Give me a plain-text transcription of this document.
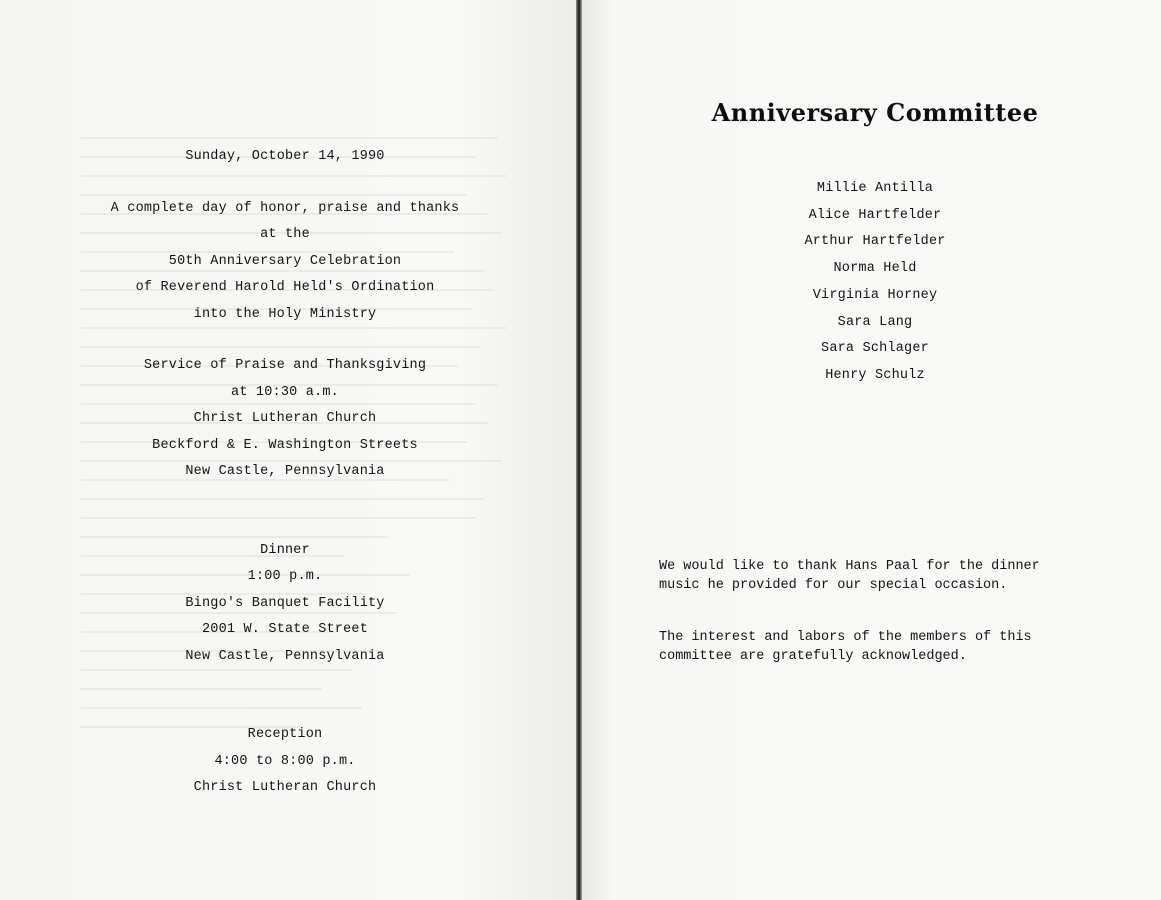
Sunday, October 14, 1990
A complete day of honor, praise and thanks
at the
50th Anniversary Celebration
of Reverend Harold Held's Ordination
into the Holy Ministry
Service of Praise and Thanksgiving
at 10:30 a.m.
Christ Lutheran Church
Beckford & E. Washington Streets
New Castle, Pennsylvania
Dinner
1:00 p.m.
Bingo's Banquet Facility
2001 W. State Street
New Castle, Pennsylvania
Reception
4:00 to 8:00 p.m.
Christ Lutheran Church
Anniversary Committee
Millie Antilla
Alice Hartfelder
Arthur Hartfelder
Norma Held
Virginia Horney
Sara Lang
Sara Schlager
Henry Schulz
We would like to thank Hans Paal for the dinner
music he provided for our special occasion.
The interest and labors of the members of this
committee are gratefully acknowledged.
